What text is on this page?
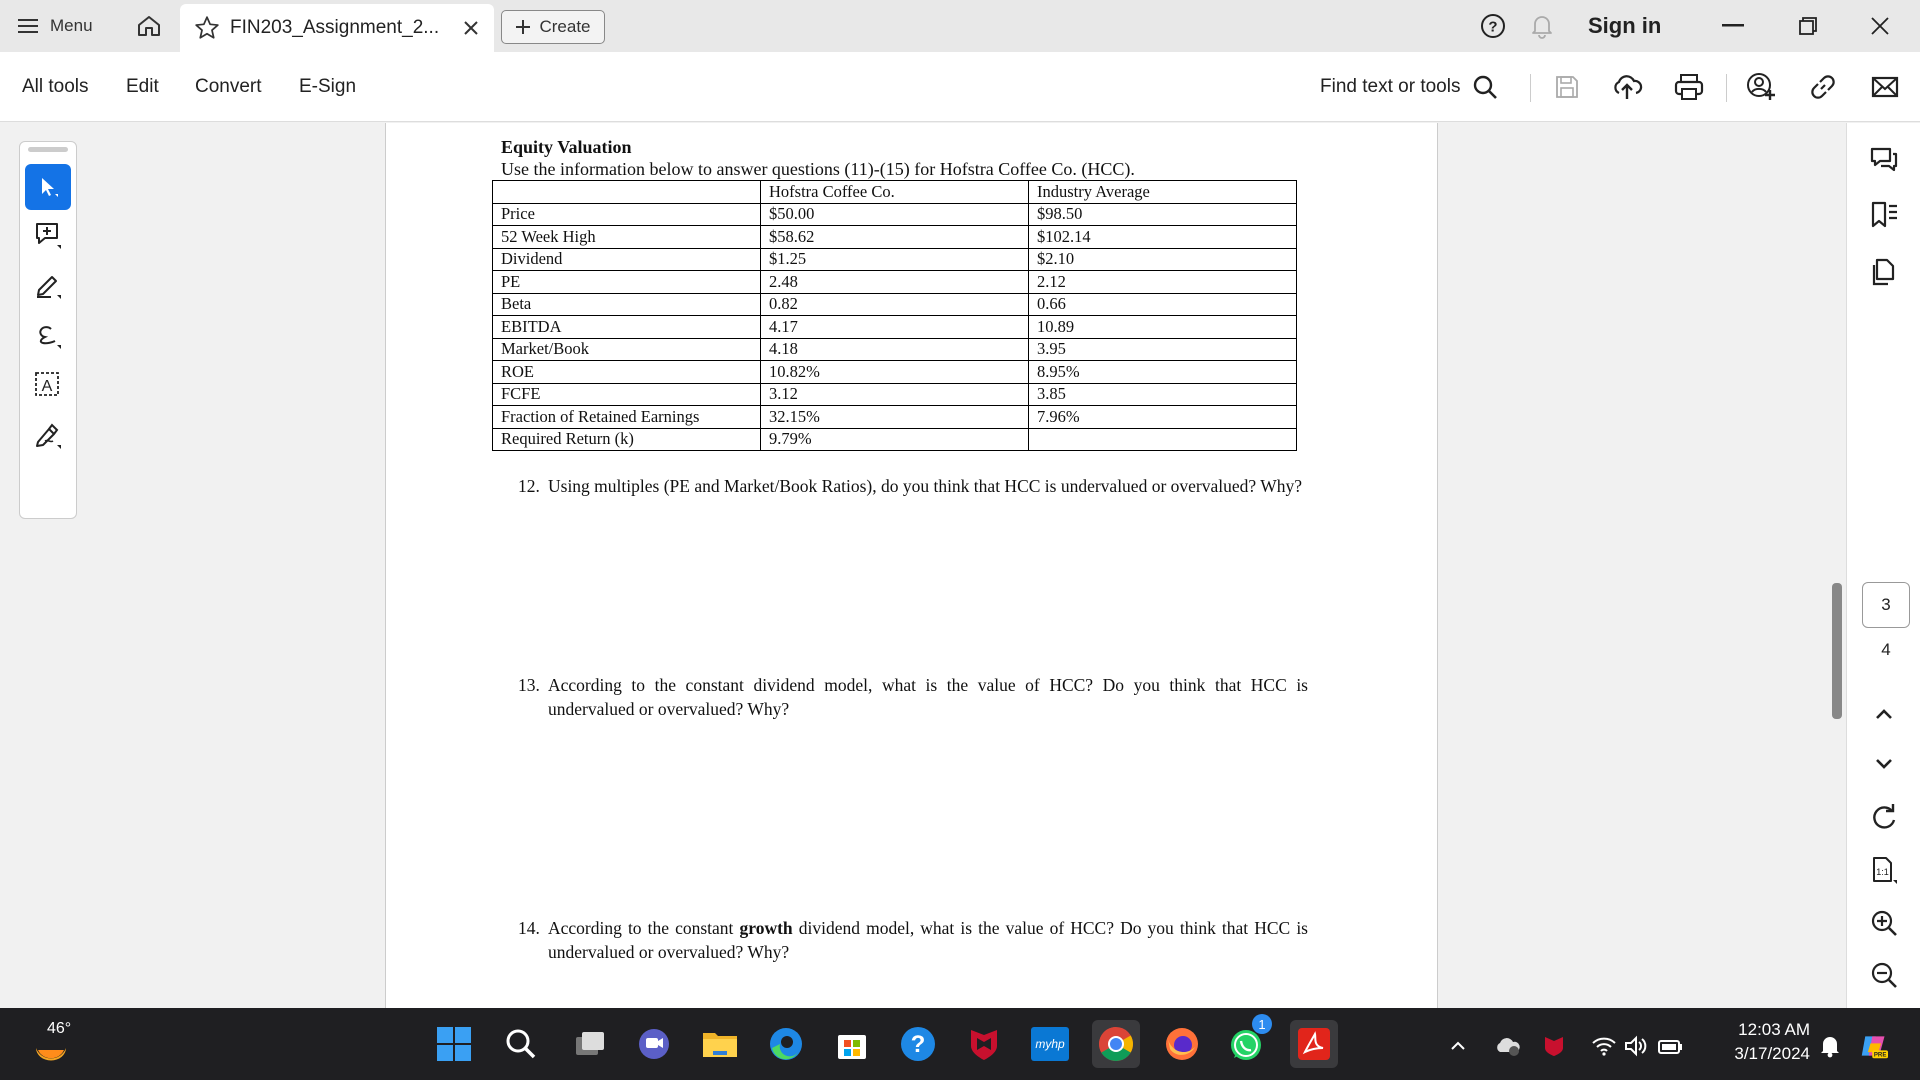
Menu	FIN203_Assignment_2...	Create	?	Sign in
All tools Edit Convert E-Sign	Find text or tools
A
Equity Valuation
Use the information below to answer questions (11)-(15) for Hofstra Coffee Co. (HCC).
	Hofstra Coffee Co.	Industry Average
Price	$50.00	$98.50
52 Week High	$58.62	$102.14
Dividend	$1.25	$2.10
PE	2.48	2.12
Beta	0.82	0.66
EBITDA	4.17	10.89
Market/Book	4.18	3.95
ROE	10.82%	8.95%
FCFE	3.12	3.85
Fraction of Retained Earnings	32.15%	7.96%
Required Return (k)	9.79%	
12. Using multiples (PE and Market/Book Ratios), do you think that HCC is undervalued or overvalued? Why?
13. According to the constant dividend model, what is the value of HCC? Do you think that HCC is undervalued or overvalued? Why?
14. According to the constant growth dividend model, what is the value of HCC? Do you think that HCC is undervalued or overvalued? Why?
3
4
1:1
46°
?	myhp
1	12:03 AM
3/17/2024	PRE
